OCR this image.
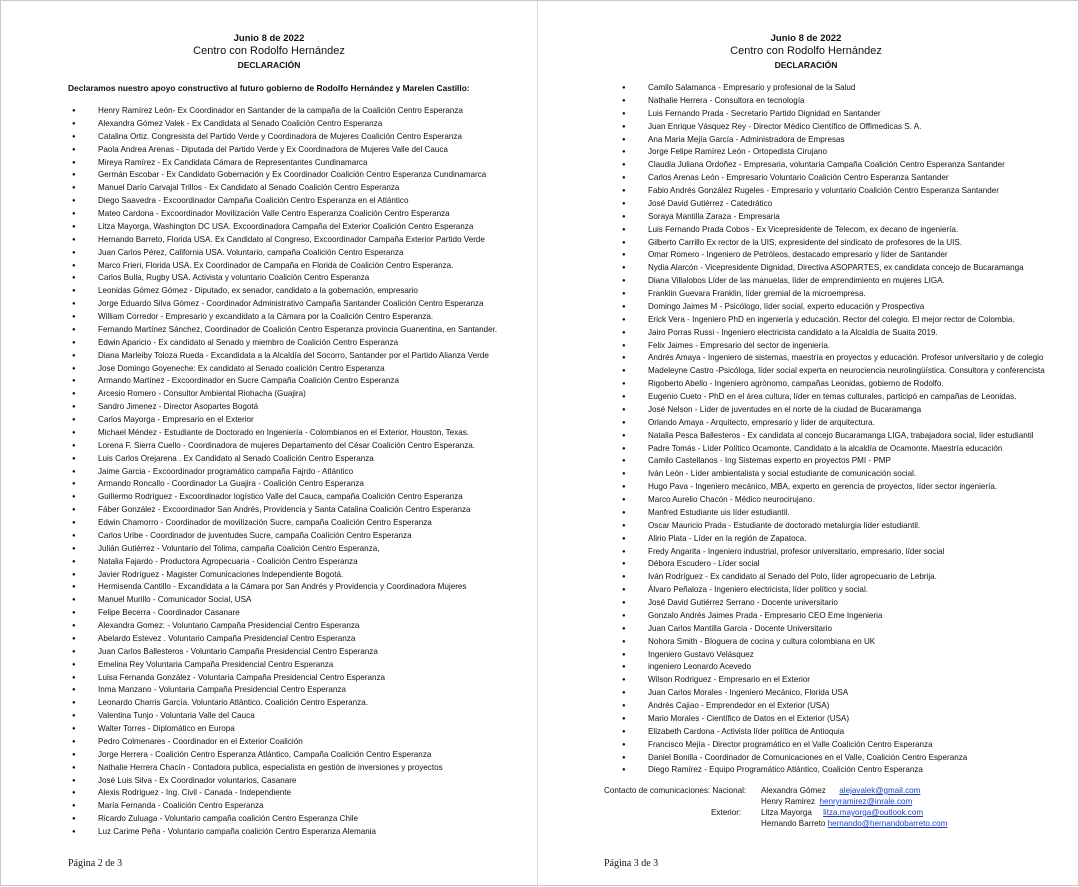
Junio 8 de 2022
Centro con Rodolfo Hernández
DECLARACIÓN
Declaramos nuestro apoyo constructivo al futuro gobierno de Rodolfo Hernández y Marelen Castillo:
● Henry Ramírez León- Ex Coordinador en Santander de la campaña de la Coalición Centro Esperanza
● Alexandra Gómez Valek - Ex Candidata al Senado Coalición Centro Esperanza
● Catalina Ortiz. Congresista del Partido Verde y Coordinadora de Mujeres Coalición Centro Esperanza
● Paola Andrea Arenas - Diputada del Partido Verde y Ex Coordinadora de Mujeres Valle del Cauca
● Mireya Ramírez - Ex Candidata Cámara de Representantes Cundinamarca
● Germán Escobar - Ex Candidato Gobernación y Ex Coordinador Coalición Centro Esperanza Cundinamarca
● Manuel Darío Carvajal Trillos - Ex Candidato al Senado Coalición Centro Esperanza
● Diego Saavedra - Excoordinador Campaña Coalición Centro Esperanza en el Atlántico
● Mateo Cardona - Excoordinador Movilización Valle Centro Esperanza Coalición Centro Esperanza
● Litza Mayorga, Washington DC USA. Excoordinadora Campaña del Exterior Coalición Centro Esperanza
● Hernando Barreto, Florida USA. Ex Candidato al Congreso, Excoordinador Campaña Exterior Partido Verde
● Juan Carlos Pérez, California USA. Voluntario, campaña Coalición Centro Esperanza
● Marco Frieri, Florida USA. Ex Coordinador de Campaña en Florida de Coalición Centro Esperanza.
● Carlos Bulla, Rugby USA. Activista y voluntario Coalición Centro Esperanza
● Leonidas Gómez Gómez - Diputado, ex senador, candidato a la gobernación, empresario
● Jorge Eduardo Silva Gómez - Coordinador Administrativo Campaña Santander Coalición Centro Esperanza
● William Corredor - Empresario y excandidato a la Cámara por la Coalición Centro Esperanza.
● Fernando Martínez Sánchez, Coordinador de Coalición Centro Esperanza provincia Guanentina, en Santander.
● Edwin Aparicio - Ex candidato al Senado y miembro de Coalición Centro Esperanza
● Diana Marleiby Toloza Rueda - Excandidata a la Alcaldía del Socorro, Santander por el Partido Alianza Verde
● Jose Domingo Goyeneche: Ex candidato al Senado coalición Centro Esperanza
● Armando Martínez - Excoordinador en Sucre Campaña Coalición Centro Esperanza
● Arcesio Romero - Consultor Ambiental Riohacha (Guajira)
● Sandro Jimenez - Director Asopartes Bogotá
● Carlos Mayorga - Empresario en el Exterior
● Michael Méndez - Estudiante de Doctorado en Ingeniería - Colombianos en el Exterior, Houston, Texas.
● Lorena F. Sierra Cuello - Coordinadora de mujeres Departamento del César Coalición Centro Esperanza.
● Luis Carlos Orejarena . Ex Candidato al Senado Coalición Centro Esperanza
● Jaime Garcia - Excoordinador programático campaña Fajrdo - Atlántico
● Armando Roncallo - Coordinador La Guajira - Coalición Centro Esperanza
● Guillermo Rodríguez - Excoordinador logístico Valle del Cauca, campaña Coalición Centro Esperanza
● Fáber González - Excoordinador San Andrés, Providencia y Santa Catalina Coalición Centro Esperanza
● Edwin Chamorro - Coordinador de movilización Sucre, campaña Coalición Centro Esperanza
● Carlos Uribe - Coordinador de juventudes Sucre, campaña Coalición Centro Esperanza
● Julián Gutiérrez - Voluntario del Tolima, campaña Coalición Centro Esperanza,
● Natalia Fajardo - Productora Agropecuaria - Coalición Centro Esperanza
● Javier Rodríguez - Magister Comunicaciones Independiente Bogotá.
● Hermisenda Cantillo - Excandidata a la Cámara por San Andrés y Providencia y Coordinadora Mujeres
● Manuel Murillo - Comunicador Social, USA
● Felipe Becerra - Coordinador Casanare
● Alexandra Gomez: - Voluntario Campaña Presidencial Centro Esperanza
● Abelardo Estevez . Voluntario Campaña Presidencial Centro Esperanza
● Juan Carlos Ballesteros - Voluntario Campaña Presidencial Centro Esperanza
● Emelina Rey Voluntaria Campaña Presidencial Centro Esperanza
● Luisa Fernanda González - Voluntaria Campaña Presidencial Centro Esperanza
● Inma Manzano - Voluntaria Campaña Presidencial Centro Esperanza
● Leonardo Charris García. Voluntario Atlántico. Coalición Centro Esperanza.
● Valentina Tunjo - Voluntaria Valle del Cauca
● Walter Torres - Diplomático en Europa
● Pedro Colmenares - Coordinador en el Exterior Coalición
● Jorge Herrera - Coalición Centro Esperanza Atlántico, Campaña Coalición Centro Esperanza
● Nathalie Herrera Chacín - Contadora publica, especialista en gestión de inversiones y proyectos
● José Luis Silva - Ex Coordinador voluntarios, Casanare
● Alexis Rodriguez - Ing. Civil - Canada - Independiente
● María Fernanda - Coalición Centro Esperanza
● Ricardo Zuluaga - Voluntario campaña coalición Centro Esperanza Chile
● Luz Carime Peña - Voluntario campaña coalición Centro Esperanza Alemania
Página 2 de 3
Junio 8 de 2022
Centro con Rodolfo Hernández
DECLARACIÓN
● Camilo Salamanca - Empresario y profesional de la Salud
● Nathalie Herrera - Consultora en tecnología
● Luis Fernando Prada - Secretario Partido Dignidad en Santander
● Juan Enrique Vásquez Rey - Director Médico Científico de Offimedicas S. A.
● Ana Maria Mejía García - Administradora de Empresas
● Jorge Felipe Ramírez León - Ortopedista Cirujano
● Claudia Juliana Ordoñez - Empresaria, voluntaria Campaña Coalición Centro Esperanza Santander
● Carlos Arenas León - Empresario Voluntario Coalición Centro Esperanza Santander
● Fabio Andrés González Rugeles - Empresario y voluntario Coalición Centro Esperanza Santander
● José David Gutiérrez - Catedrático
● Soraya Mantilla Zaraza - Empresaria
● Luis Fernando Prada Cobos - Ex Vicepresidente de Telecom, ex decano de ingeniería.
● Gilberto Carrillo Ex rector de la UIS, expresidente del sindicato de profesores de la UIS.
● Omar Romero - Ingeniero de Petróleos, destacado empresario y líder de Santander
● Nydia Alarcón - Vicepresidente Dignidad, Directiva ASOPARTES, ex candidata concejo de Bucaramanga
● Diana Villalobos Líder de las manuelas, líder de emprendimiento en mujeres LIGA.
● Franklin Guevara Franklin, líder gremial de la microempresa.
● Domingo Jaimes M - Psicólogo, líder social, experto educación y Prospectiva
● Erick Vera - Ingeniero PhD en ingeniería y educación. Rector del colegio. El mejor rector de Colombia.
● Jairo Porras Russi - Ingeniero electricista candidato a la Alcaldía de Suaita 2019.
● Felix Jaimes - Empresario del sector de ingeniería.
● Andrés Amaya - Ingeniero de sistemas, maestría en proyectos y educación. Profesor universitario y de colegio
● Madeleyne Castro -Psicóloga, líder social experta en neurociencia neurolingüística. Consultora y conferencista
● Rigoberto Abello - Ingeniero agrónomo, campañas Leonidas, gobierno de Rodolfo.
● Eugenio Cueto - PhD en el área cultura, líder en temas culturales, participó en campañas de Leonidas.
● José Nelson - Líder de juventudes en el norte de la ciudad de Bucaramanga
● Orlando Amaya - Arquitecto, empresario y líder de arquitectura.
● Natalia Pesca Ballesteros - Ex candidata al concejo Bucaramanga LIGA, trabajadora social, líder estudiantil
● Padre Tomás - Líder Político Ocamonte. Candidato a la alcaldía de Ocamonte. Maestría educación
● Camilo Castellanos - Ing Sistemas experto en proyectos PMI - PMP
● Iván León - Líder ambientalista y social estudiante de comunicación social.
● Hugo Pava - Ingeniero mecánico, MBA, experto en gerencia de proyectos, líder sector ingeniería.
● Marco Aurelio Chacón - Médico neurocirujano.
● Manfred Estudiante uis líder estudiantil.
● Oscar Mauricio Prada - Estudiante de doctorado metalurgia líder estudiantil.
● Alirio Plata - Líder en la región de Zapatoca.
● Fredy Angarita - Ingeniero industrial, profesor universitario, empresario, líder social
● Débora Escudero - Líder social
● Iván Rodríguez - Ex candidato al Senado del Polo, líder agropecuario de Lebrija.
● Álvaro Peñaloza - Ingeniero electricista, líder político y social.
● José David Gutiérrez Serrano - Docente universitario
● Gonzalo Andrés Jaimes Prada - Empresario CEO Eme Ingenieria
● Juan Carlos Mantilla Garcia - Docente Universitario
● Nohora Smith - Bloguera de cocina y cultura colombiana en UK
● Ingeniero Gustavo Velásquez
● ingeniero Leonardo Acevedo
● Wilson Rodriguez - Empresario en el Exterior
● Juan Carlos Morales - Ingeniero Mecánico, Florida USA
● Andrés Cajiao - Emprendedor en el Exterior (USA)
● Mario Morales - Científico de Datos en el Exterior (USA)
● Elizabeth Cardona - Activista líder política de Antioquia
● Francisco Mejía - Director programático en el Valle Coalición Centro Esperanza
● Daniel Bonilla - Coordinador de Comunicaciones en el Valle, Coalición Centro Esperanza
● Diego Ramírez - Equipo Programático Atlántico, Coalición Centro Esperanza
Contacto de comunicaciones: Nacional: Alexandra Gómez alejavalek@gmail.com
Henry Ramirez henryramirez@inrale.com
Exterior: Litza Mayorga litza.mayorga@outlook.com
Hernando Barreto hernando@hernandobarreto.com
Página 3 de 3
